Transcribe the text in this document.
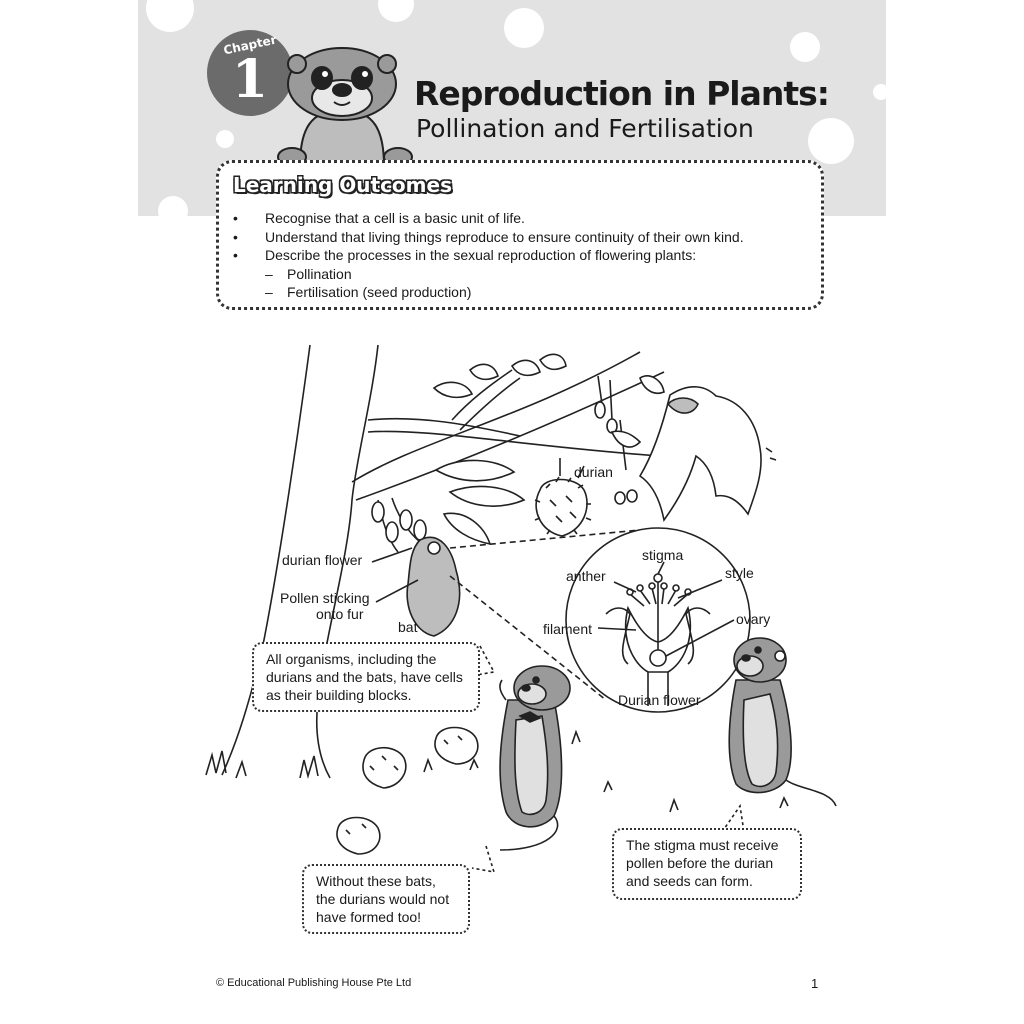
Chapter
1	Reproduction in Plants:
Pollination and Fertilisation
Learning Outcomes
• Recognise that a cell is a basic unit of life.
• Understand that living things reproduce to ensure continuity of their own kind.
• Describe the processes in the sexual reproduction of flowering plants:
– Pollination
– Fertilisation (seed production)
durian
durian flower
Pollen sticking
onto fur
bat
stigma
anther	style
filament
ovary
Durian flower
All organisms, including the durians and the bats, have cells as their building blocks.
Without these bats, the durians would not have formed too!
The stigma must receive pollen before the durian and seeds can form.
© Educational Publishing House Pte Ltd	1
